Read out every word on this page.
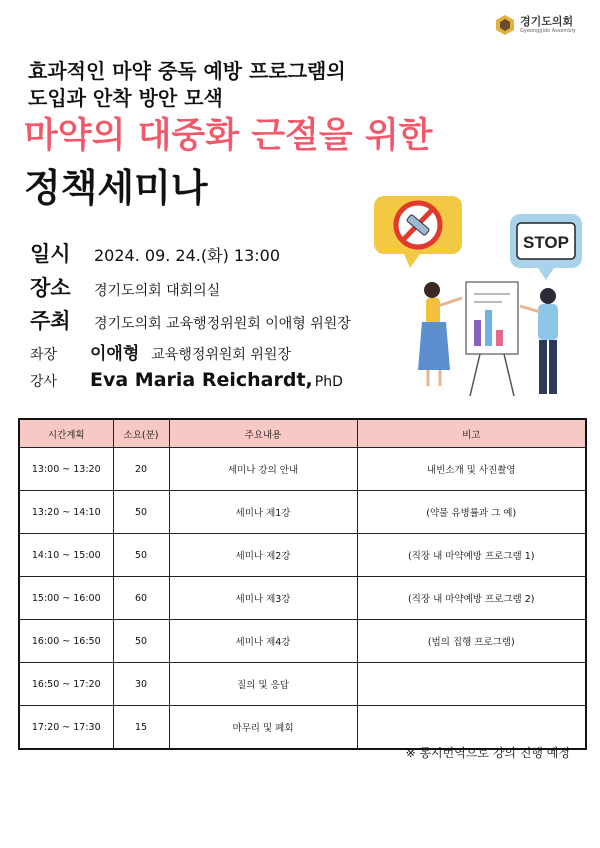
경기도의회
Gyeonggido Assembly
효과적인 마약 중독 예방 프로그램의
도입과 안착 방안 모색
마약의 대중화 근절을 위한
정책세미나
일시	2024. 09. 24.(화) 13:00
장소	경기도의회 대회의실
주최	경기도의회 교육행정위원회 이애형 위원장
좌장	이애형 교육행정위원회 위원장
강사	Eva Maria Reichardt, PhD
STOP
시간계획	소요(분)	주요내용	비고
13:00 ~ 13:20	20	세미나 강의 안내	내빈소개 및 사진촬영
13:20 ~ 14:10	50	세미나 제1강	(약물 유병률과 그 예)
14:10 ~ 15:00	50	세미나 제2강	(직장 내 마약예방 프로그램 1)
15:00 ~ 16:00	60	세미나 제3강	(직장 내 마약예방 프로그램 2)
16:00 ~ 16:50	50	세미나 제4강	(법의 집행 프로그램)
16:50 ~ 17:20	30	질의 및 응답	
17:20 ~ 17:30	15	마무리 및 폐회	
※ 동시번역으로 강의 진행 예정
